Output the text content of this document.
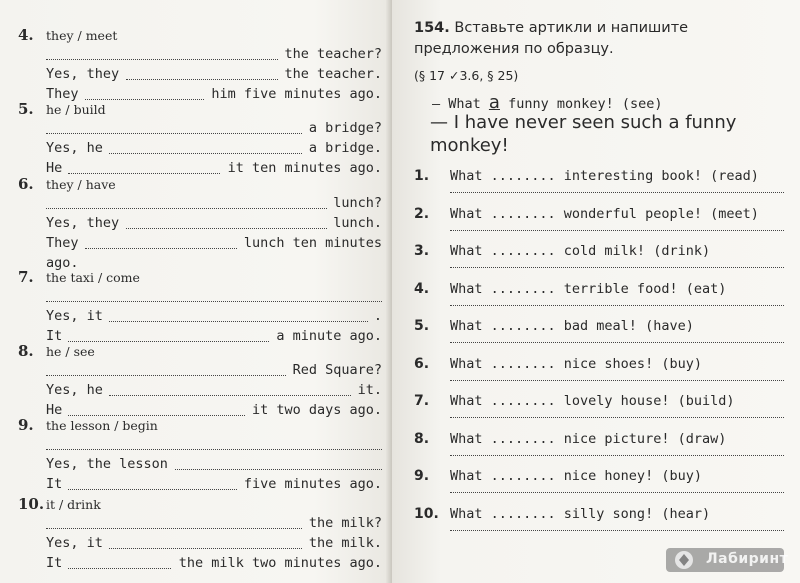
4. they / meet
the teacher?
Yes, they	the teacher.
They	him five minutes ago.
5. he / build
a bridge?
Yes, he	a bridge.
He	it ten minutes ago.
6. they / have
lunch?
Yes, they	lunch.
They	lunch ten minutes
ago.
7. the taxi / come
Yes, it	.
It	a minute ago.
8. he / see
Red Square?
Yes, he	it.
He	it two days ago.
9. the lesson / begin
Yes, the lesson
It	five minutes ago.
10. it / drink
the milk?
Yes, it	the milk.
It	the milk two minutes ago.
154. Вставьте артикли и напишите предложения по образцу.
(§ 17 ✓3.6, § 25)
— What a funny monkey! (see)
— I have never seen such a funny monkey!
1. What ........ interesting book! (read)
2. What ........ wonderful people! (meet)
3. What ........ cold milk! (drink)
4. What ........ terrible food! (eat)
5. What ........ bad meal! (have)
6. What ........ nice shoes! (buy)
7. What ........ lovely house! (build)
8. What ........ nice picture! (draw)
9. What ........ nice honey! (buy)
10. What ........ silly song! (hear)
Лабиринт
